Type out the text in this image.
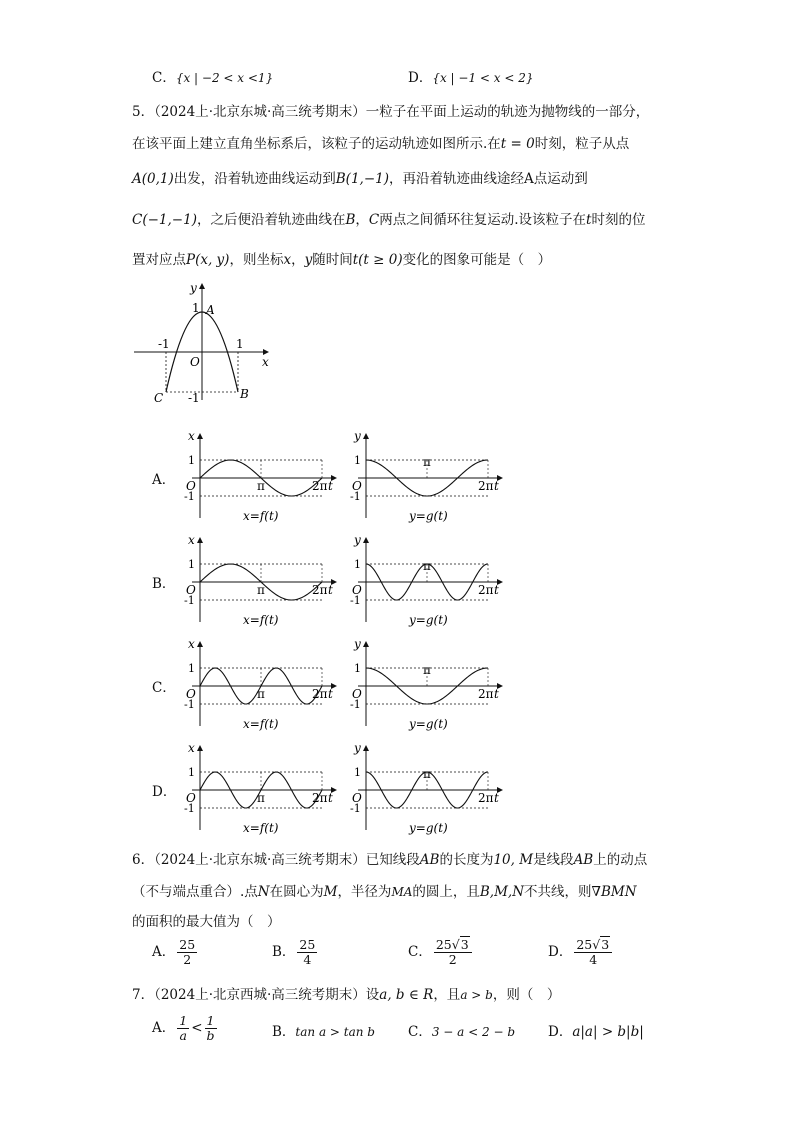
C．{x | −2 < x <1}	D．{x | −1 < x < 2}
5．（2024上·北京东城·高三统考期末）一粒子在平面上运动的轨迹为抛物线的一部分，
在该平面上建立直角坐标系后，该粒子的运动轨迹如图所示.在t = 0时刻，粒子从点
A(0,1)出发，沿着轨迹曲线运动到B(1,−1)，再沿着轨迹曲线途经A点运动到
C(−1,−1)，之后便沿着轨迹曲线在B，C两点之间循环往复运动.设该粒子在t时刻的位
置对应点P(x, y)，则坐标x，y随时间t(t ≥ 0)变化的图象可能是（　）
y
x
O
A
B
C
1
-1
-1	1
A．
B．
C．
D．
x
1
-1
O	π	2π t
x=f(t)
y
1
-1
O
π
2π t
y=g(t)
x
1
-1
O	π	2π t
x=f(t)
y
1
-1
O
π
2π t
y=g(t)
x
1
-1
O	π	2π t
x=f(t)
y
1
-1
O
π
2π t
y=g(t)
x
1
-1
O	π	2π t
x=f(t)
y
1
-1
O
π
2π t
y=g(t)
6．（2024上·北京东城·高三统考期末）已知线段AB的长度为10, M是线段AB上的动点
（不与端点重合）.点N在圆心为M，半径为MA的圆上，且B,M,N不共线，则∇BMN
的面积的最大值为（　）
A． $\frac{25}{2}$	B． $\frac{25}{4}$	C． $\frac{25√3}{2}$	D． $\frac{25√3}{4}$
7．（2024上·北京西城·高三统考期末）设a, b ∈ R，且a > b，则（　）
A． $\frac{1}{a} < \frac{1}{b}$	B．tan a > tan b C．3 − a < 2 − b D．a|a| > b|b|
